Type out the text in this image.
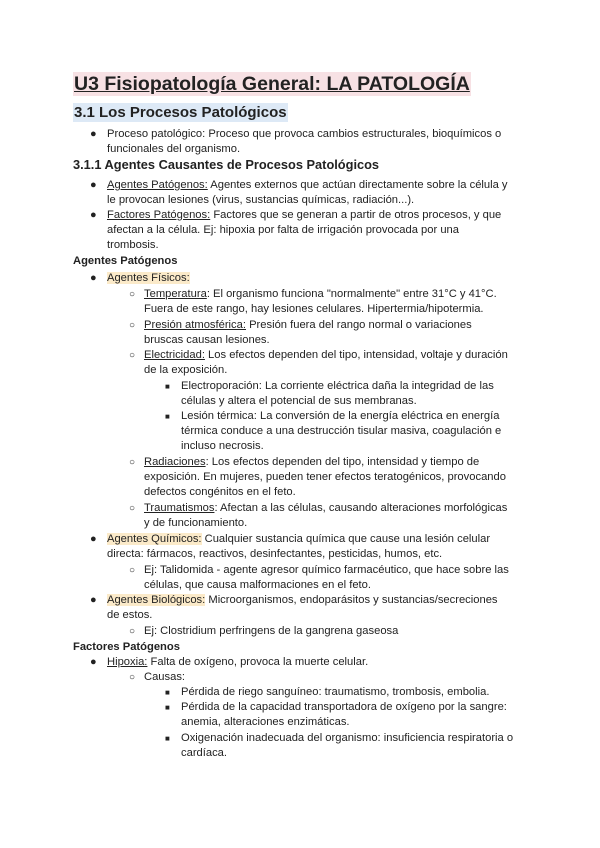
U3 Fisiopatología General: LA PATOLOGÍA
3.1 Los Procesos Patológicos
● Proceso patológico: Proceso que provoca cambios estructurales, bioquímicos o
funcionales del organismo.
3.1.1 Agentes Causantes de Procesos Patológicos
● Agentes Patógenos: Agentes externos que actúan directamente sobre la célula y
le provocan lesiones (virus, sustancias químicas, radiación...).
● Factores Patógenos: Factores que se generan a partir de otros procesos, y que
afectan a la célula. Ej: hipoxia por falta de irrigación provocada por una
trombosis.
Agentes Patógenos
● Agentes Físicos:
○ Temperatura: El organismo funciona "normalmente" entre 31°C y 41°C.
Fuera de este rango, hay lesiones celulares. Hipertermia/hipotermia.
○ Presión atmosférica: Presión fuera del rango normal o variaciones
bruscas causan lesiones.
○ Electricidad: Los efectos dependen del tipo, intensidad, voltaje y duración
de la exposición.
■ Electroporación: La corriente eléctrica daña la integridad de las
células y altera el potencial de sus membranas.
■ Lesión térmica: La conversión de la energía eléctrica en energía
térmica conduce a una destrucción tisular masiva, coagulación e
incluso necrosis.
○ Radiaciones: Los efectos dependen del tipo, intensidad y tiempo de
exposición. En mujeres, pueden tener efectos teratogénicos, provocando
defectos congénitos en el feto.
○ Traumatismos: Afectan a las células, causando alteraciones morfológicas
y de funcionamiento.
● Agentes Químicos: Cualquier sustancia química que cause una lesión celular
directa: fármacos, reactivos, desinfectantes, pesticidas, humos, etc.
○ Ej: Talidomida - agente agresor químico farmacéutico, que hace sobre las
células, que causa malformaciones en el feto.
● Agentes Biológicos: Microorganismos, endoparásitos y sustancias/secreciones
de estos.
○ Ej: Clostridium perfringens de la gangrena gaseosa
Factores Patógenos
● Hipoxia: Falta de oxígeno, provoca la muerte celular.
○ Causas:
■ Pérdida de riego sanguíneo: traumatismo, trombosis, embolia.
■ Pérdida de la capacidad transportadora de oxígeno por la sangre:
anemia, alteraciones enzimáticas.
■ Oxigenación inadecuada del organismo: insuficiencia respiratoria o
cardíaca.
